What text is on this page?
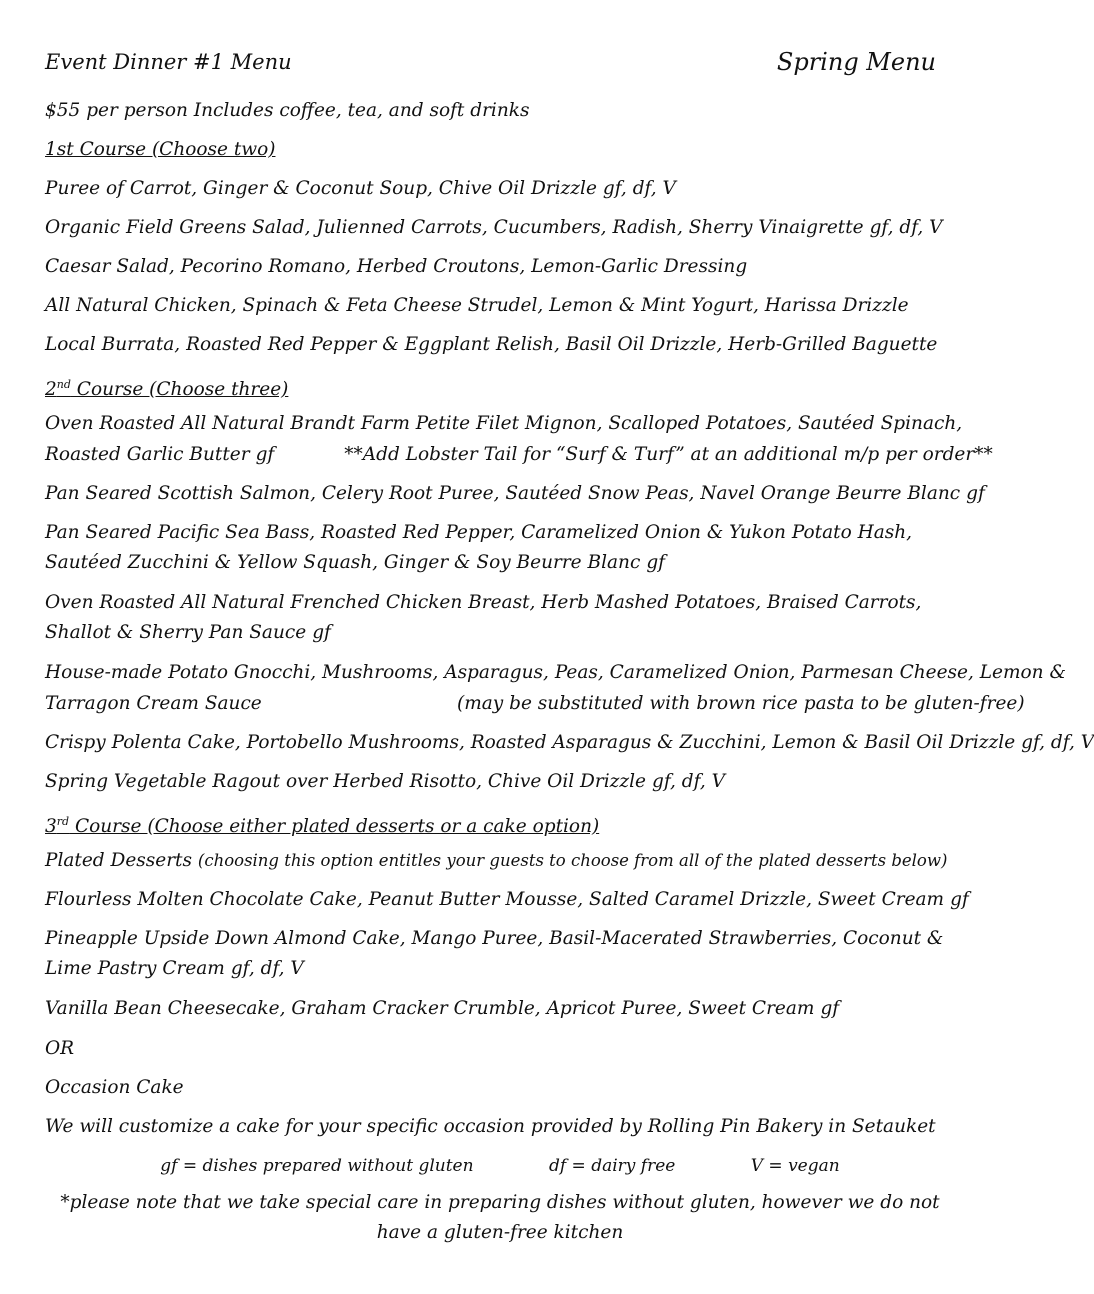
Event Dinner #1 Menu	Spring Menu
$55 per person Includes coffee, tea, and soft drinks
1st Course (Choose two)
Puree of Carrot, Ginger & Coconut Soup, Chive Oil Drizzle gf, df, V
Organic Field Greens Salad, Julienned Carrots, Cucumbers, Radish, Sherry Vinaigrette gf, df, V
Caesar Salad, Pecorino Romano, Herbed Croutons, Lemon-Garlic Dressing
All Natural Chicken, Spinach & Feta Cheese Strudel, Lemon & Mint Yogurt, Harissa Drizzle
Local Burrata, Roasted Red Pepper & Eggplant Relish, Basil Oil Drizzle, Herb-Grilled Baguette
2nd Course (Choose three)
Oven Roasted All Natural Brandt Farm Petite Filet Mignon, Scalloped Potatoes, Sautéed Spinach,
Roasted Garlic Butter gf	**Add Lobster Tail for “Surf & Turf” at an additional m/p per order**
Pan Seared Scottish Salmon, Celery Root Puree, Sautéed Snow Peas, Navel Orange Beurre Blanc gf
Pan Seared Pacific Sea Bass, Roasted Red Pepper, Caramelized Onion & Yukon Potato Hash, Sautéed Zucchini & Yellow Squash, Ginger & Soy Beurre Blanc gf
Oven Roasted All Natural Frenched Chicken Breast, Herb Mashed Potatoes, Braised Carrots, Shallot & Sherry Pan Sauce gf
House-made Potato Gnocchi, Mushrooms, Asparagus, Peas, Caramelized Onion, Parmesan Cheese, Lemon &
Tarragon Cream Sauce	(may be substituted with brown rice pasta to be gluten-free)
Crispy Polenta Cake, Portobello Mushrooms, Roasted Asparagus & Zucchini, Lemon & Basil Oil Drizzle gf, df, V
Spring Vegetable Ragout over Herbed Risotto, Chive Oil Drizzle gf, df, V
3rd Course (Choose either plated desserts or a cake option)
Plated Desserts (choosing this option entitles your guests to choose from all of the plated desserts below)
Flourless Molten Chocolate Cake, Peanut Butter Mousse, Salted Caramel Drizzle, Sweet Cream gf
Pineapple Upside Down Almond Cake, Mango Puree, Basil-Macerated Strawberries, Coconut & Lime Pastry Cream gf, df, V
Vanilla Bean Cheesecake, Graham Cracker Crumble, Apricot Puree, Sweet Cream gf
OR
Occasion Cake
We will customize a cake for your specific occasion provided by Rolling Pin Bakery in Setauket
gf = dishes prepared without gluten	df = dairy free	V = vegan
*please note that we take special care in preparing dishes without gluten, however we do not have a gluten-free kitchen
